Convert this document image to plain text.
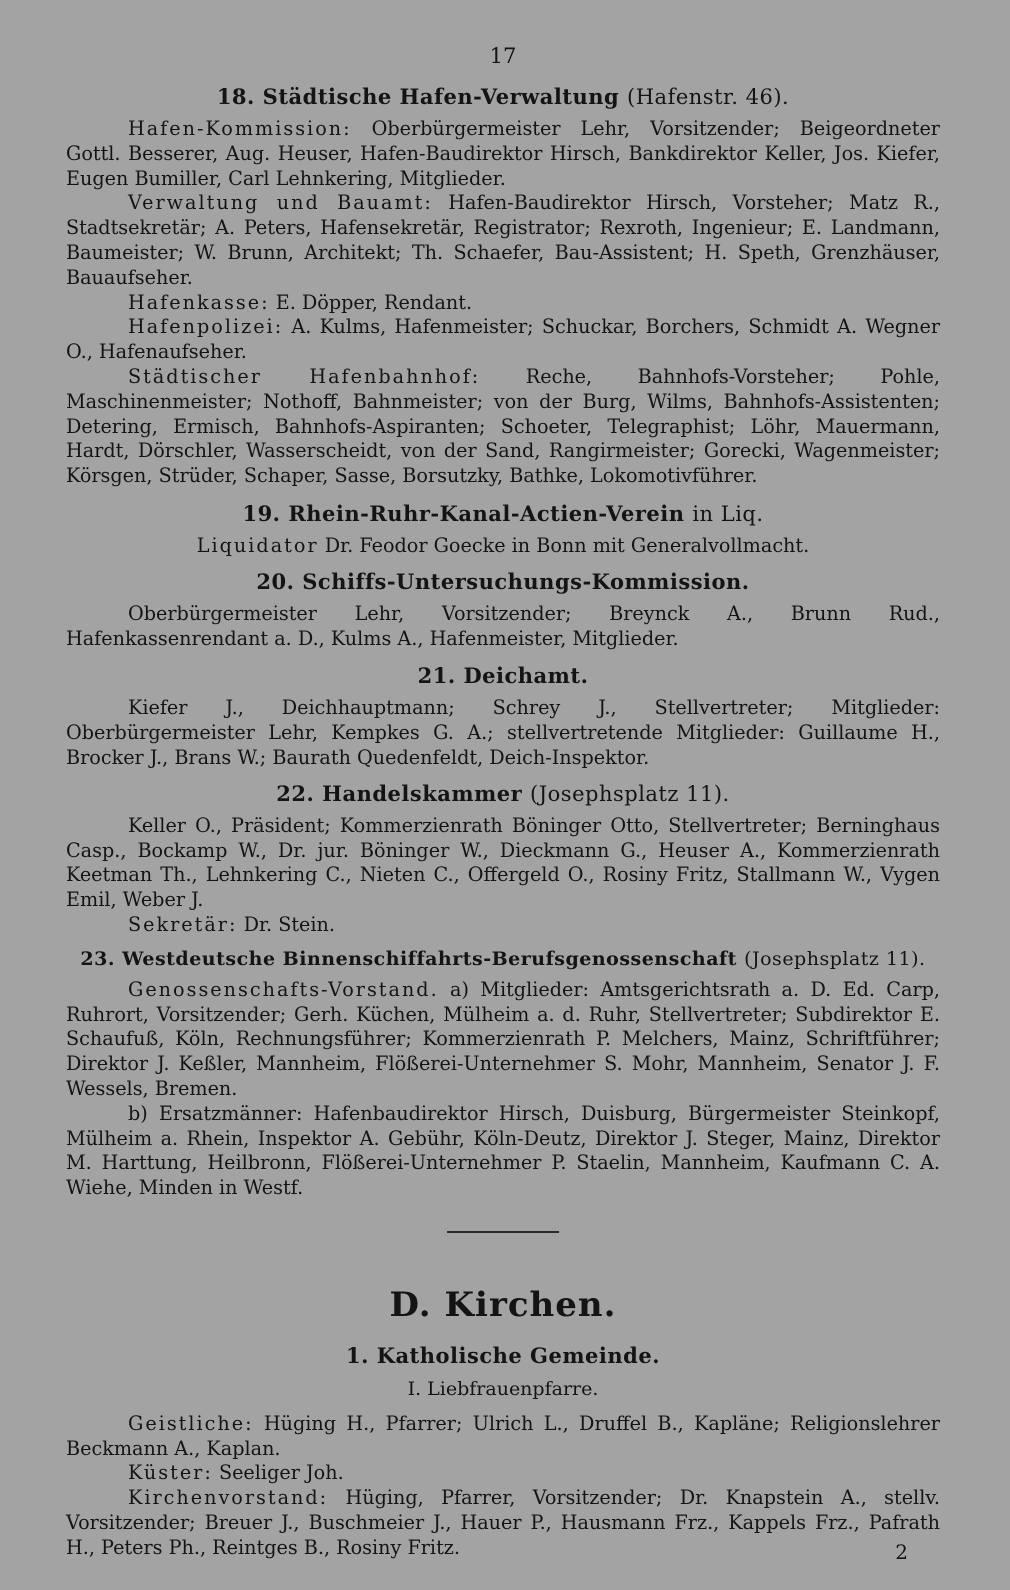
17
18. Städtische Hafen-Verwaltung (Hafenstr. 46).

Hafen-Kommission: Oberbürgermeister Lehr, Vorsitzender; Beigeordneter Gottl. Besserer, Aug. Heuser, Hafen-Baudirektor Hirsch, Bankdirektor Keller, Jos. Kiefer, Eugen Bumiller, Carl Lehnkering, Mitglieder.

Verwaltung und Bauamt: Hafen-Baudirektor Hirsch, Vorsteher; Matz R., Stadtsekretär; A. Peters, Hafensekretär, Registrator; Rexroth, Ingenieur; E. Landmann, Baumeister; W. Brunn, Architekt; Th. Schaefer, Bau-Assistent; H. Speth, Grenzhäuser, Bauaufseher.

Hafenkasse: E. Döpper, Rendant.

Hafenpolizei: A. Kulms, Hafenmeister; Schuckar, Borchers, Schmidt A. Wegner O., Hafenaufseher.

Städtischer Hafenbahnhof: Reche, Bahnhofs-Vorsteher; Pohle, Maschinenmeister; Nothoff, Bahnmeister; von der Burg, Wilms, Bahnhofs-Assistenten; Detering, Ermisch, Bahnhofs-Aspiranten; Schoeter, Telegraphist; Löhr, Mauermann, Hardt, Dörschler, Wasserscheidt, von der Sand, Rangirmeister; Gorecki, Wagenmeister; Körsgen, Strüder, Schaper, Sasse, Borsutzky, Bathke, Lokomotivführer.

19. Rhein-Ruhr-Kanal-Actien-Verein in Liq.

Liquidator Dr. Feodor Goecke in Bonn mit Generalvollmacht.

20. Schiffs-Untersuchungs-Kommission.

Oberbürgermeister Lehr, Vorsitzender; Breynck A., Brunn Rud., Hafenkassenrendant a. D., Kulms A., Hafenmeister, Mitglieder.

21. Deichamt.

Kiefer J., Deichhauptmann; Schrey J., Stellvertreter; Mitglieder: Oberbürgermeister Lehr, Kempkes G. A.; stellvertretende Mitglieder: Guillaume H., Brocker J., Brans W.; Baurath Quedenfeldt, Deich-Inspektor.

22. Handelskammer (Josephsplatz 11).

Keller O., Präsident; Kommerzienrath Böninger Otto, Stellvertreter; Berninghaus Casp., Bockamp W., Dr. jur. Böninger W., Dieckmann G., Heuser A., Kommerzienrath Keetman Th., Lehnkering C., Nieten C., Offergeld O., Rosiny Fritz, Stallmann W., Vygen Emil, Weber J.

Sekretär: Dr. Stein.

23. Westdeutsche Binnenschiffahrts-Berufsgenossenschaft (Josephsplatz 11).

Genossenschafts-Vorstand. a) Mitglieder: Amtsgerichtsrath a. D. Ed. Carp, Ruhrort, Vorsitzender; Gerh. Küchen, Mülheim a. d. Ruhr, Stellvertreter; Subdirektor E. Schaufuß, Köln, Rechnungsführer; Kommerzienrath P. Melchers, Mainz, Schriftführer; Direktor J. Keßler, Mannheim, Flößerei-Unternehmer S. Mohr, Mannheim, Senator J. F. Wessels, Bremen.

b) Ersatzmänner: Hafenbaudirektor Hirsch, Duisburg, Bürgermeister Steinkopf, Mülheim a. Rhein, Inspektor A. Gebühr, Köln-Deutz, Direktor J. Steger, Mainz, Direktor M. Harttung, Heilbronn, Flößerei-Unternehmer P. Staelin, Mannheim, Kaufmann C. A. Wiehe, Minden in Westf.

D. Kirchen.
1. Katholische Gemeinde.
I. Liebfrauenpfarre.

Geistliche: Hüging H., Pfarrer; Ulrich L., Druffel B., Kapläne; Religionslehrer Beckmann A., Kaplan.

Küster: Seeliger Joh.

Kirchenvorstand: Hüging, Pfarrer, Vorsitzender; Dr. Knapstein A., stellv. Vorsitzender; Breuer J., Buschmeier J., Hauer P., Hausmann Frz., Kappels Frz., Pafrath H., Peters Ph., Reintges B., Rosiny Fritz.	2
